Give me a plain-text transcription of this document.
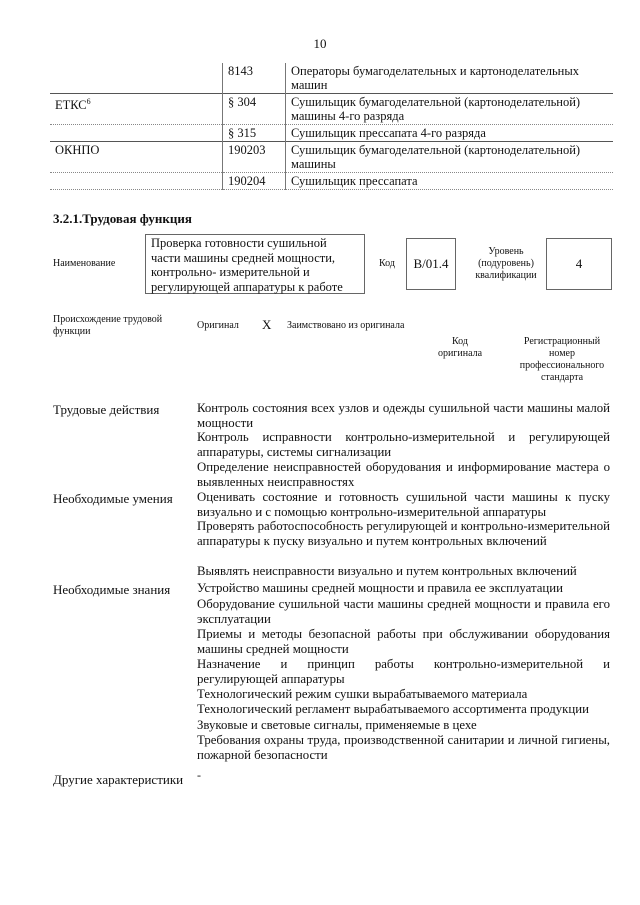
10
	8143	Операторы бумагоделательных и картоноделательных машин
ЕТКС$^6$	§ 304	Сушильщик бумагоделательной (картоноделательной) машины 4-го разряда
	§ 315	Сушильщик прессапата 4-го разряда
ОКНПО	190203	Сушильщик бумагоделательной (картоноделательной) машины
	190204	Сушильщик прессапата
3.2.1.Трудовая функция
Наименование
Проверка готовности сушильной части машины средней мощности, контрольно- измерительной и регулирующей аппаратуры к работе
Код	В/01.4
Уровень (подуровень) квалификации
4
Происхождение трудовой функции
Оригинал X Заимствовано из оригинала
Код оригинала
Регистрационный номер профессионального стандарта
Трудовые действия	Контроль состояния всех узлов и одежды сушильной части машины малой мощности
Контроль исправности контрольно-измерительной и регулирующей аппаратуры, системы сигнализации
Определение неисправностей оборудования и информирование мастера о выявленных неисправностях
Необходимые умения Оценивать состояние и готовность сушильной части машины к пуску визуально и с помощью контрольно-измерительной аппаратуры
Проверять работоспособность регулирующей и контрольно-измерительной аппаратуры к пуску визуально и путем контрольных включений
Выявлять неисправности визуально и путем контрольных включений
Необходимые знания Устройство машины средней мощности и правила ее эксплуатации
Оборудование сушильной части машины средней мощности и правила его эксплуатации
Приемы и методы безопасной работы при обслуживании оборудования машины средней мощности
Назначение и принцип работы контрольно-измерительной и регулирующей аппаратуры
Технологический режим сушки вырабатываемого материала
Технологический регламент вырабатываемого ассортимента продукции
Звуковые и световые сигналы, применяемые в цехе
Требования охраны труда, производственной санитарии и личной гигиены, пожарной безопасности
Другие характеристики -
